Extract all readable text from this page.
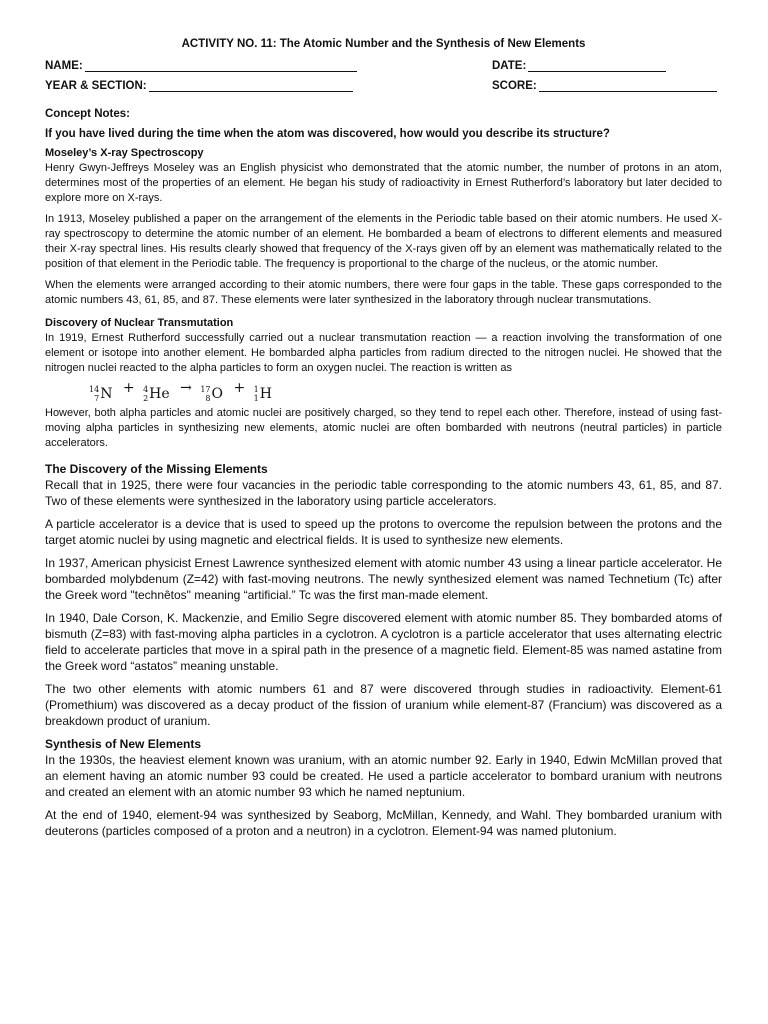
ACTIVITY NO. 11: The Atomic Number and the Synthesis of New Elements
NAME:	DATE:
YEAR & SECTION:	SCORE:
Concept Notes:
If you have lived during the time when the atom was discovered, how would you describe its structure?
Moseley’s X-ray Spectroscopy

Henry Gwyn-Jeffreys Moseley was an English physicist who demonstrated that the atomic number, the number of protons in an atom, determines most of the properties of an element. He began his study of radioactivity in Ernest Rutherford’s laboratory but later decided to explore more on X-rays.

In 1913, Moseley published a paper on the arrangement of the elements in the Periodic table based on their atomic numbers. He used X-ray spectroscopy to determine the atomic number of an element. He bombarded a beam of electrons to different elements and measured their X-ray spectral lines. His results clearly showed that frequency of the X-rays given off by an element was mathematically related to the position of that element in the Periodic table. The frequency is proportional to the charge of the nucleus, or the atomic number.

When the elements were arranged according to their atomic numbers, there were four gaps in the table. These gaps corresponded to the atomic numbers 43, 61, 85, and 87. These elements were later synthesized in the laboratory through nuclear transmutations.

Discovery of Nuclear Transmutation

In 1919, Ernest Rutherford successfully carried out a nuclear transmutation reaction — a reaction involving the transformation of one element or isotope into another element. He bombarded alpha particles from radium directed to the nitrogen nuclei. He showed that the nitrogen nuclei reacted to the alpha particles to form an oxygen nuclei. The reaction is written as

14
7 N + 4
2 He → 17
8 O + 1
1 H

However, both alpha particles and atomic nuclei are positively charged, so they tend to repel each other. Therefore, instead of using fast-moving alpha particles in synthesizing new elements, atomic nuclei are often bombarded with neutrons (neutral particles) in particle accelerators.

The Discovery of the Missing Elements

Recall that in 1925, there were four vacancies in the periodic table corresponding to the atomic numbers 43, 61, 85, and 87. Two of these elements were synthesized in the laboratory using particle accelerators.

A particle accelerator is a device that is used to speed up the protons to overcome the repulsion between the protons and the target atomic nuclei by using magnetic and electrical fields. It is used to synthesize new elements.

In 1937, American physicist Ernest Lawrence synthesized element with atomic number 43 using a linear particle accelerator. He bombarded molybdenum (Z=42) with fast-moving neutrons. The newly synthesized element was named Technetium (Tc) after the Greek word "technêtos" meaning “artificial.” Tc was the first man-made element.

In 1940, Dale Corson, K. Mackenzie, and Emilio Segre discovered element with atomic number 85. They bombarded atoms of bismuth (Z=83) with fast-moving alpha particles in a cyclotron. A cyclotron is a particle accelerator that uses alternating electric field to accelerate particles that move in a spiral path in the presence of a magnetic field. Element-85 was named astatine from the Greek word “astatos” meaning unstable.

The two other elements with atomic numbers 61 and 87 were discovered through studies in radioactivity. Element-61 (Promethium) was discovered as a decay product of the fission of uranium while element-87 (Francium) was discovered as a breakdown product of uranium.

Synthesis of New Elements

In the 1930s, the heaviest element known was uranium, with an atomic number 92. Early in 1940, Edwin McMillan proved that an element having an atomic number 93 could be created. He used a particle accelerator to bombard uranium with neutrons and created an element with an atomic number 93 which he named neptunium.

At the end of 1940, element-94 was synthesized by Seaborg, McMillan, Kennedy, and Wahl. They bombarded uranium with deuterons (particles composed of a proton and a neutron) in a cyclotron. Element-94 was named plutonium.
